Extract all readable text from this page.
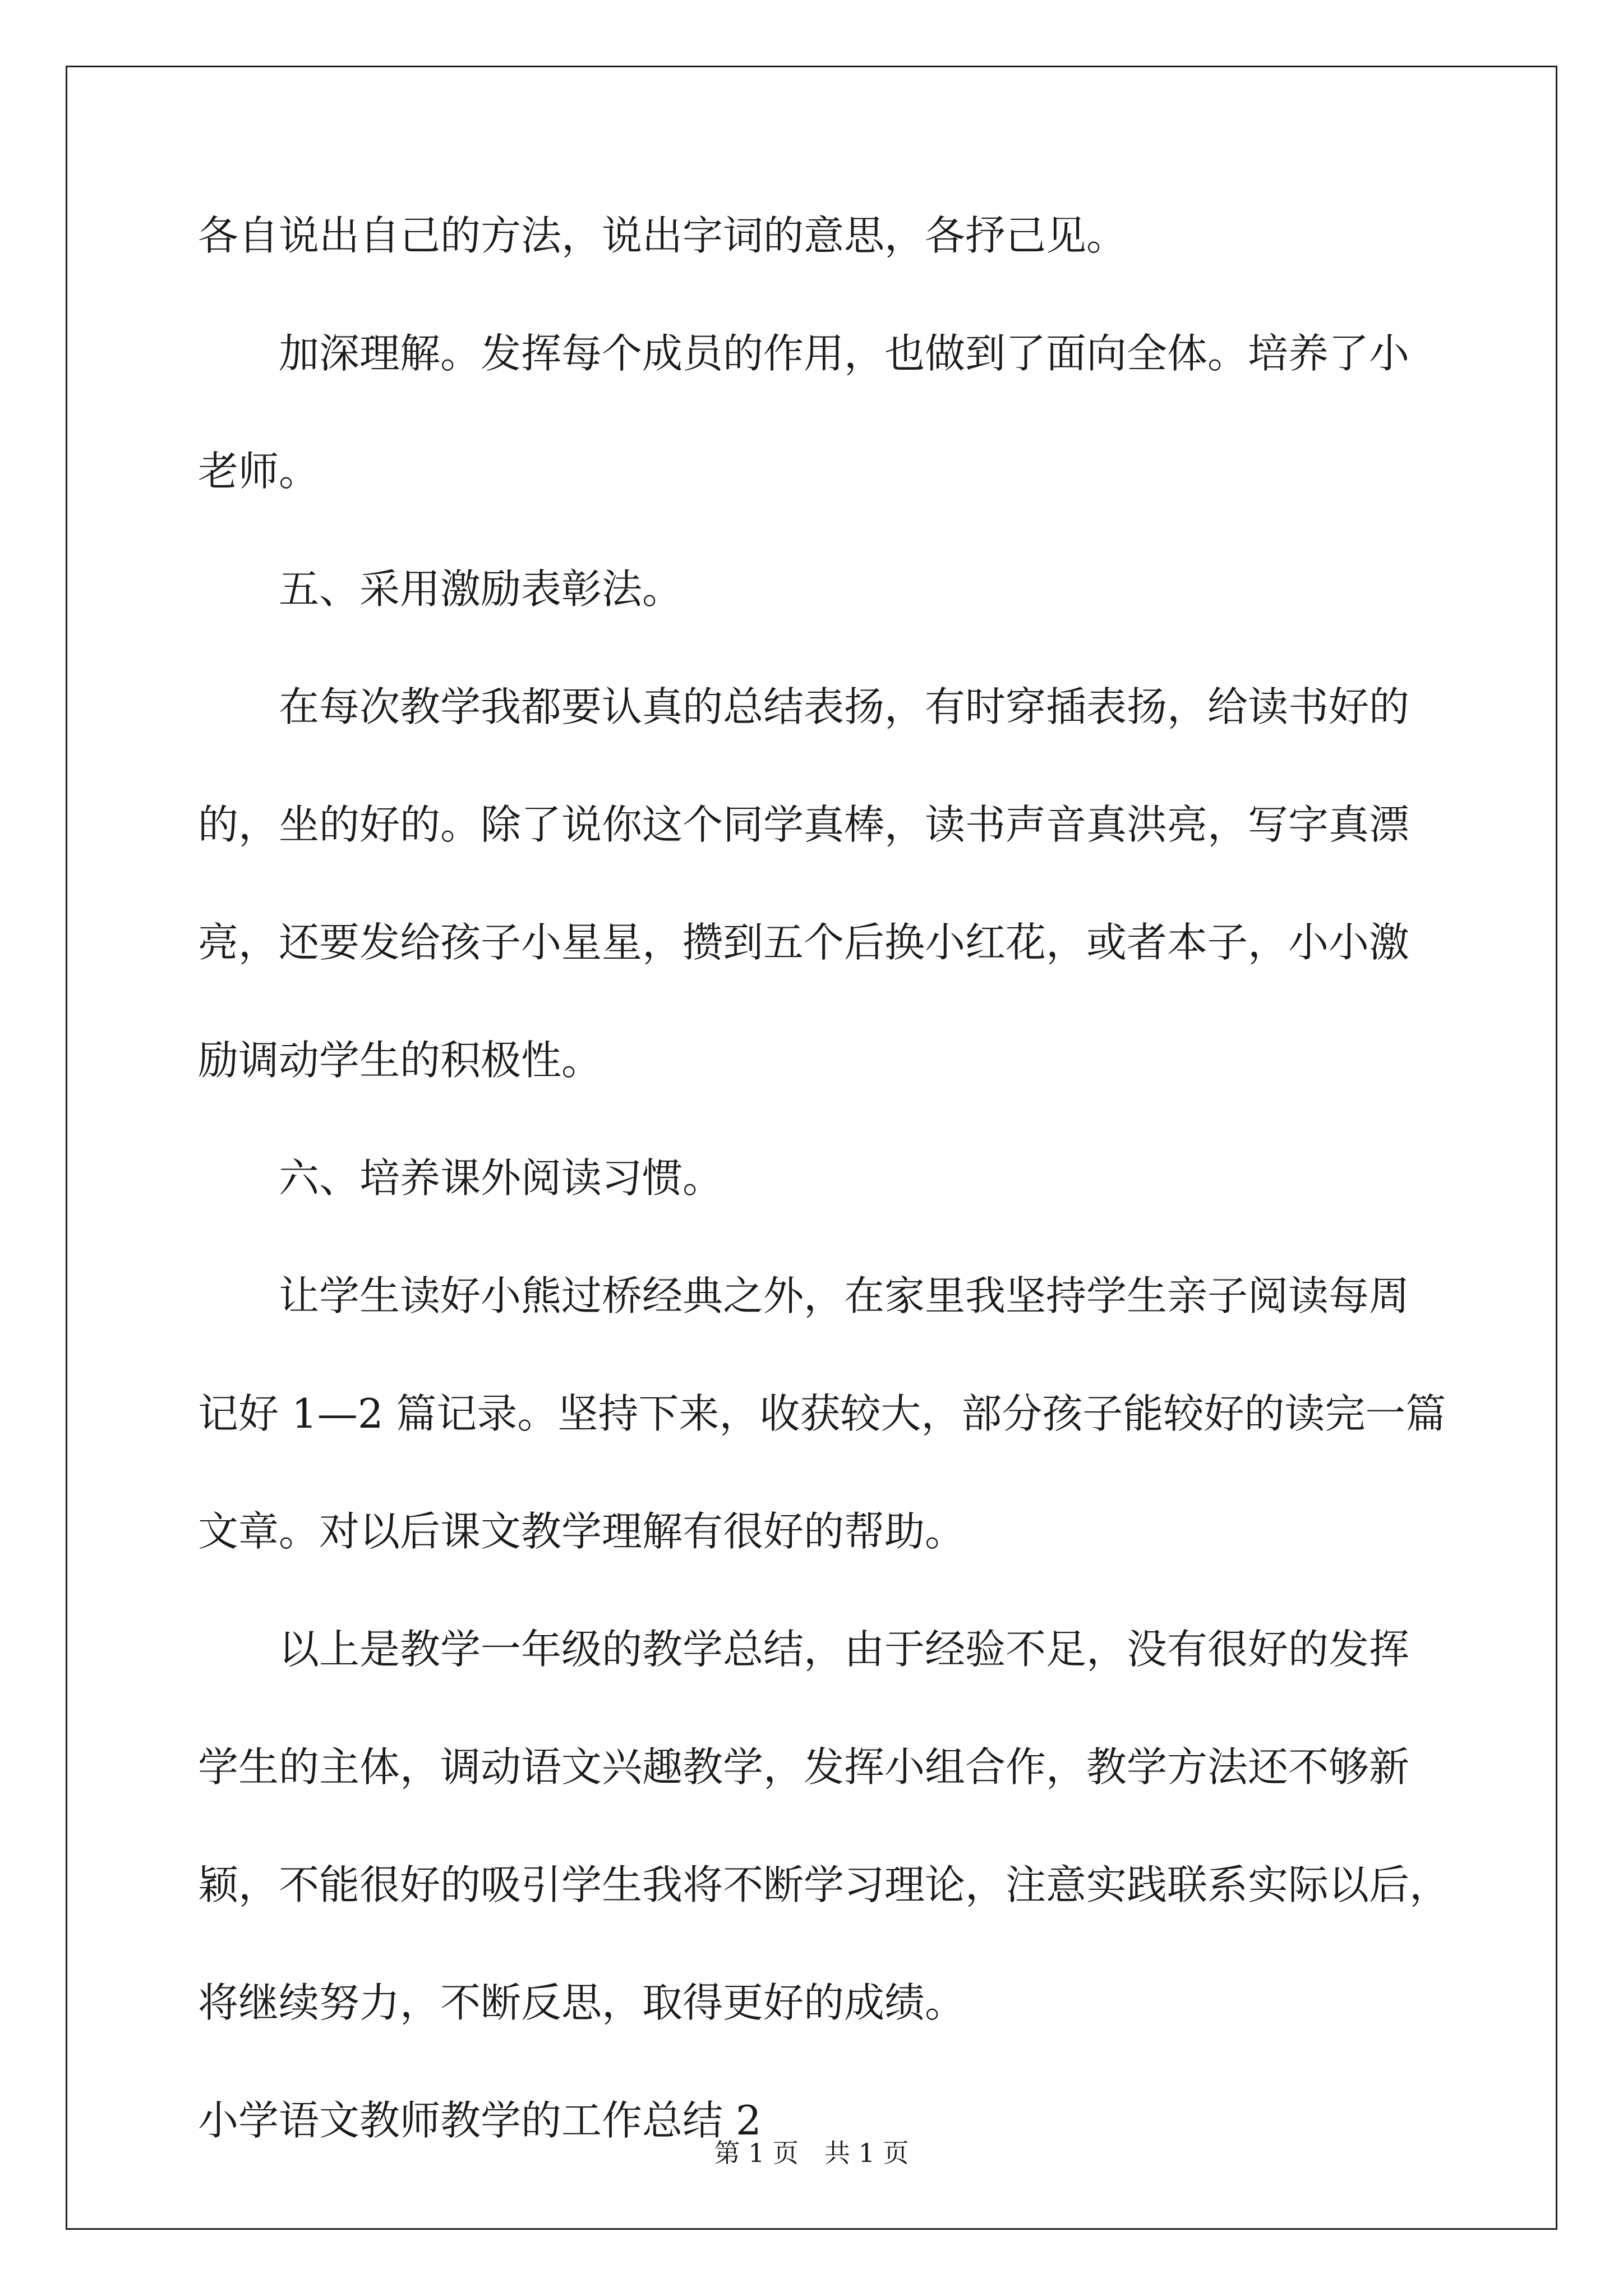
各自说出自己的方法，说出字词的意思，各抒己见。

　　加深理解。发挥每个成员的作用，也做到了面向全体。培养了小

老师。

　　五、采用激励表彰法。

　　在每次教学我都要认真的总结表扬，有时穿插表扬，给读书好的

的，坐的好的。除了说你这个同学真棒，读书声音真洪亮，写字真漂

亮，还要发给孩子小星星，攒到五个后换小红花，或者本子，小小激

励调动学生的积极性。

　　六、培养课外阅读习惯。

　　让学生读好小熊过桥经典之外，在家里我坚持学生亲子阅读每周

记好 1—2 篇记录。坚持下来，收获较大，部分孩子能较好的读完一篇

文章。对以后课文教学理解有很好的帮助。

　　以上是教学一年级的教学总结，由于经验不足，没有很好的发挥

学生的主体，调动语文兴趣教学，发挥小组合作，教学方法还不够新

颖，不能很好的吸引学生我将不断学习理论，注意实践联系实际以后，

将继续努力，不断反思，取得更好的成绩。

小学语文教师教学的工作总结 2

第 1 页　共 1 页
